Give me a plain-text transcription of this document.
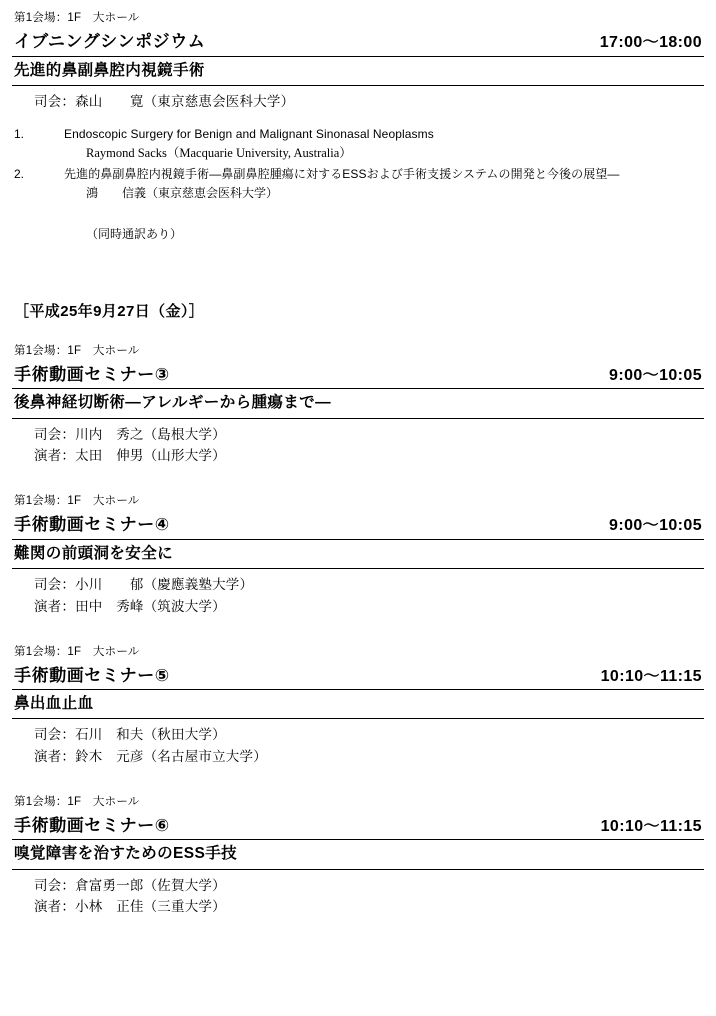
第1会場：1F　大ホール
イブニングシンポジウム	17:00〜18:00
先進的鼻副鼻腔内視鏡手術
司会：森山　　寛（東京慈恵会医科大学）
1.	Endoscopic Surgery for Benign and Malignant Sinonasal Neoplasms
Raymond Sacks（Macquarie University, Australia）
2.	先進的鼻副鼻腔内視鏡手術―鼻副鼻腔腫瘍に対するESSおよび手術支援システムの開発と今後の展望―
鴻　　信義（東京慈恵会医科大学）
（同時通訳あり）
［平成25年9月27日（金）］
第1会場：1F　大ホール
手術動画セミナー③	9:00〜10:05
後鼻神経切断術―アレルギーから腫瘍まで―
司会：川内　秀之（島根大学）
演者：太田　伸男（山形大学）
第1会場：1F　大ホール
手術動画セミナー④	9:00〜10:05
難関の前頭洞を安全に
司会：小川　　郁（慶應義塾大学）
演者：田中　秀峰（筑波大学）
第1会場：1F　大ホール
手術動画セミナー⑤	10:10〜11:15
鼻出血止血
司会：石川　和夫（秋田大学）
演者：鈴木　元彦（名古屋市立大学）
第1会場：1F　大ホール
手術動画セミナー⑥	10:10〜11:15
嗅覚障害を治すためのESS手技
司会：倉富勇一郎（佐賀大学）
演者：小林　正佳（三重大学）
